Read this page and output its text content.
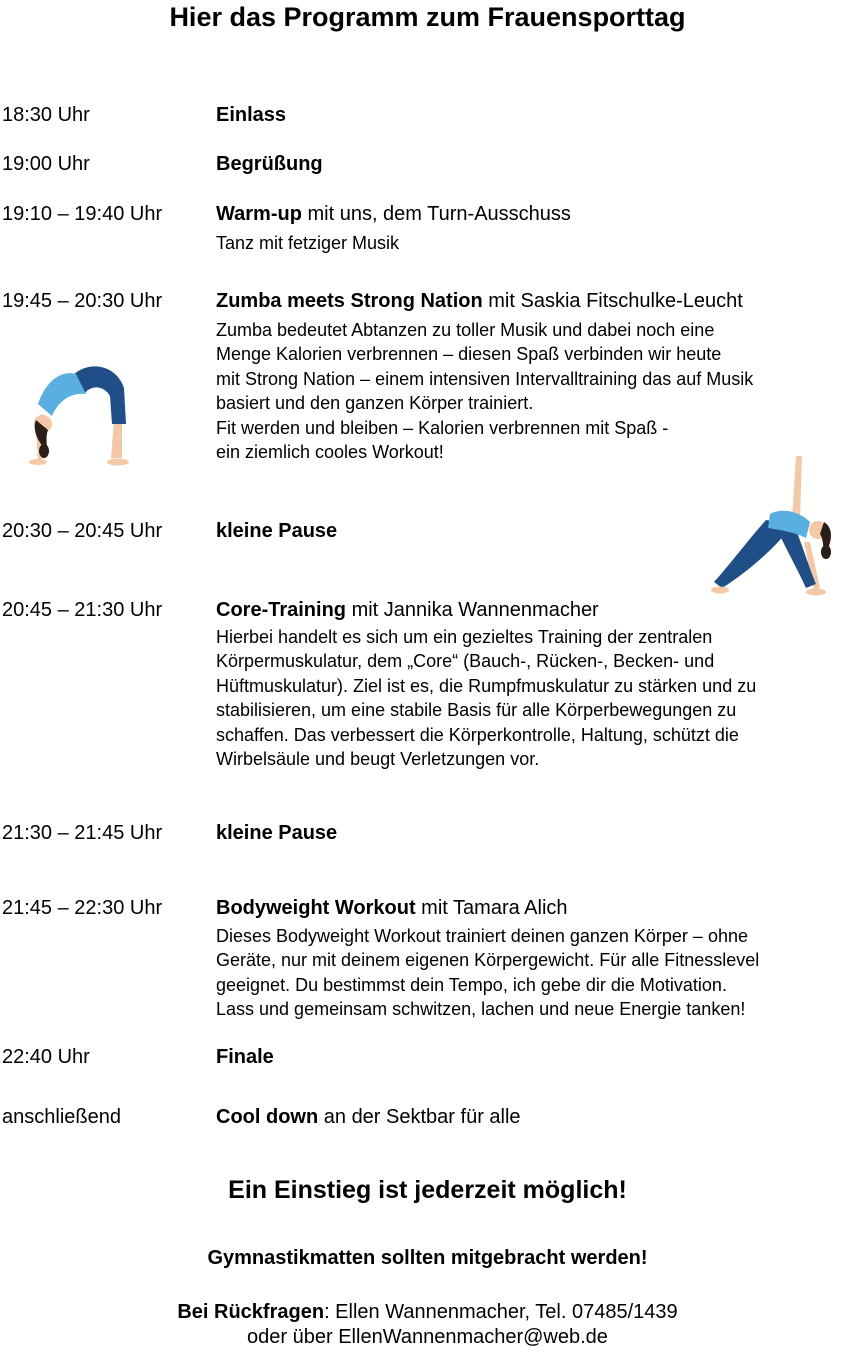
Hier das Programm zum Frauensporttag
18:30 Uhr	Einlass
19:00 Uhr	Begrüßung
19:10 – 19:40 Uhr	Warm-up mit uns, dem Turn-Ausschuss
Tanz mit fetziger Musik
19:45 – 20:30 Uhr	Zumba meets Strong Nation mit Saskia Fitschulke-Leucht
Zumba bedeutet Abtanzen zu toller Musik und dabei noch eine
Menge Kalorien verbrennen – diesen Spaß verbinden wir heute
mit Strong Nation – einem intensiven Intervalltraining das auf Musik
basiert und den ganzen Körper trainiert.
Fit werden und bleiben – Kalorien verbrennen mit Spaß -
ein ziemlich cooles Workout!
20:30 – 20:45 Uhr	kleine Pause
20:45 – 21:30 Uhr	Core-Training mit Jannika Wannenmacher
Hierbei handelt es sich um ein gezieltes Training der zentralen
Körpermuskulatur, dem „Core“ (Bauch-, Rücken-, Becken- und
Hüftmuskulatur). Ziel ist es, die Rumpfmuskulatur zu stärken und zu
stabilisieren, um eine stabile Basis für alle Körperbewegungen zu
schaffen. Das verbessert die Körperkontrolle, Haltung, schützt die
Wirbelsäule und beugt Verletzungen vor.
21:30 – 21:45 Uhr	kleine Pause
21:45 – 22:30 Uhr	Bodyweight Workout mit Tamara Alich
Dieses Bodyweight Workout trainiert deinen ganzen Körper – ohne
Geräte, nur mit deinem eigenen Körpergewicht. Für alle Fitnesslevel
geeignet. Du bestimmst dein Tempo, ich gebe dir die Motivation.
Lass und gemeinsam schwitzen, lachen und neue Energie tanken!
22:40 Uhr	Finale
anschließend	Cool down an der Sektbar für alle
Ein Einstieg ist jederzeit möglich!
Gymnastikmatten sollten mitgebracht werden!
Bei Rückfragen: Ellen Wannenmacher, Tel. 07485/1439
oder über EllenWannenmacher@web.de
